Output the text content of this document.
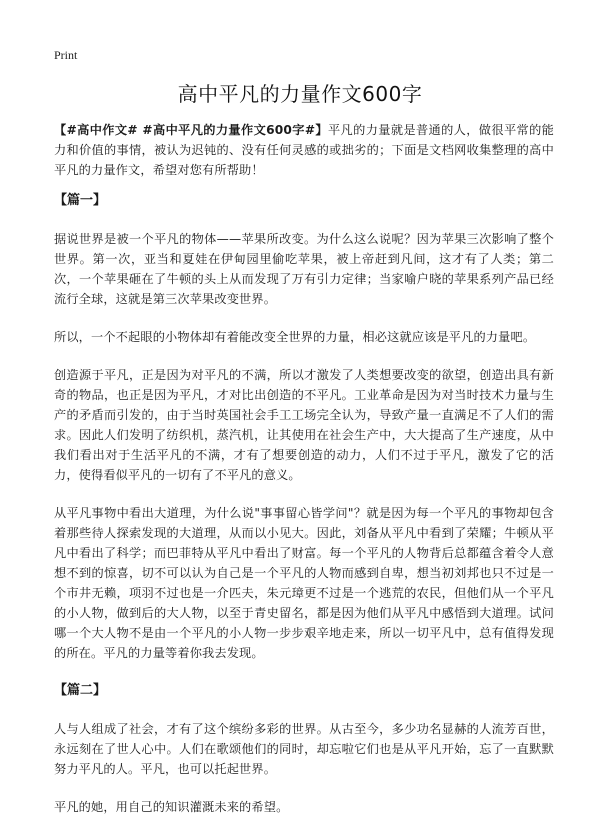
Print
高中平凡的力量作文600字

【#高中作文# #高中平凡的力量作文600字#】平凡的力量就是普通的人，做很平常的能力和价值的事情，被认为迟钝的、没有任何灵感的或拙劣的；下面是文档网收集整理的高中平凡的力量作文，希望对您有所帮助！

【篇一】

据说世界是被一个平凡的物体——苹果所改变。为什么这么说呢？因为苹果三次影响了整个世界。第一次，亚当和夏娃在伊甸园里偷吃苹果，被上帝赶到凡间，这才有了人类；第二次，一个苹果砸在了牛顿的头上从而发现了万有引力定律；当家喻户晓的苹果系列产品已经流行全球，这就是第三次苹果改变世界。

所以，一个不起眼的小物体却有着能改变全世界的力量，相必这就应该是平凡的力量吧。

创造源于平凡，正是因为对平凡的不满，所以才激发了人类想要改变的欲望，创造出具有新奇的物品，也正是因为平凡，才对比出创造的不平凡。工业革命是因为对当时技术力量与生产的矛盾而引发的，由于当时英国社会手工工场完全认为，导致产量一直满足不了人们的需求。因此人们发明了纺织机，蒸汽机，让其使用在社会生产中，大大提高了生产速度，从中我们看出对于生活平凡的不满，才有了想要创造的动力，人们不过于平凡，激发了它的活力，使得看似平凡的一切有了不平凡的意义。

从平凡事物中看出大道理，为什么说"事事留心皆学问"？就是因为每一个平凡的事物却包含着那些待人探索发现的大道理，从而以小见大。因此，刘备从平凡中看到了荣耀；牛顿从平凡中看出了科学；而巴菲特从平凡中看出了财富。每一个平凡的人物背后总都蕴含着令人意想不到的惊喜，切不可以认为自己是一个平凡的人物而感到自卑，想当初刘邦也只不过是一个市井无赖，项羽不过也是一介匹夫，朱元璋更不过是一个逃荒的农民，但他们从一个平凡的小人物，做到后的大人物，以至于青史留名，都是因为他们从平凡中感悟到大道理。试问哪一个大人物不是由一个平凡的小人物一步步艰辛地走来，所以一切平凡中，总有值得发现的所在。平凡的力量等着你我去发现。

【篇二】

人与人组成了社会，才有了这个缤纷多彩的世界。从古至今，多少功名显赫的人流芳百世，永远刻在了世人心中。人们在歌颂他们的同时，却忘啦它们也是从平凡开始，忘了一直默默努力平凡的人。平凡，也可以托起世界。

平凡的她，用自己的知识灌溉未来的希望。
